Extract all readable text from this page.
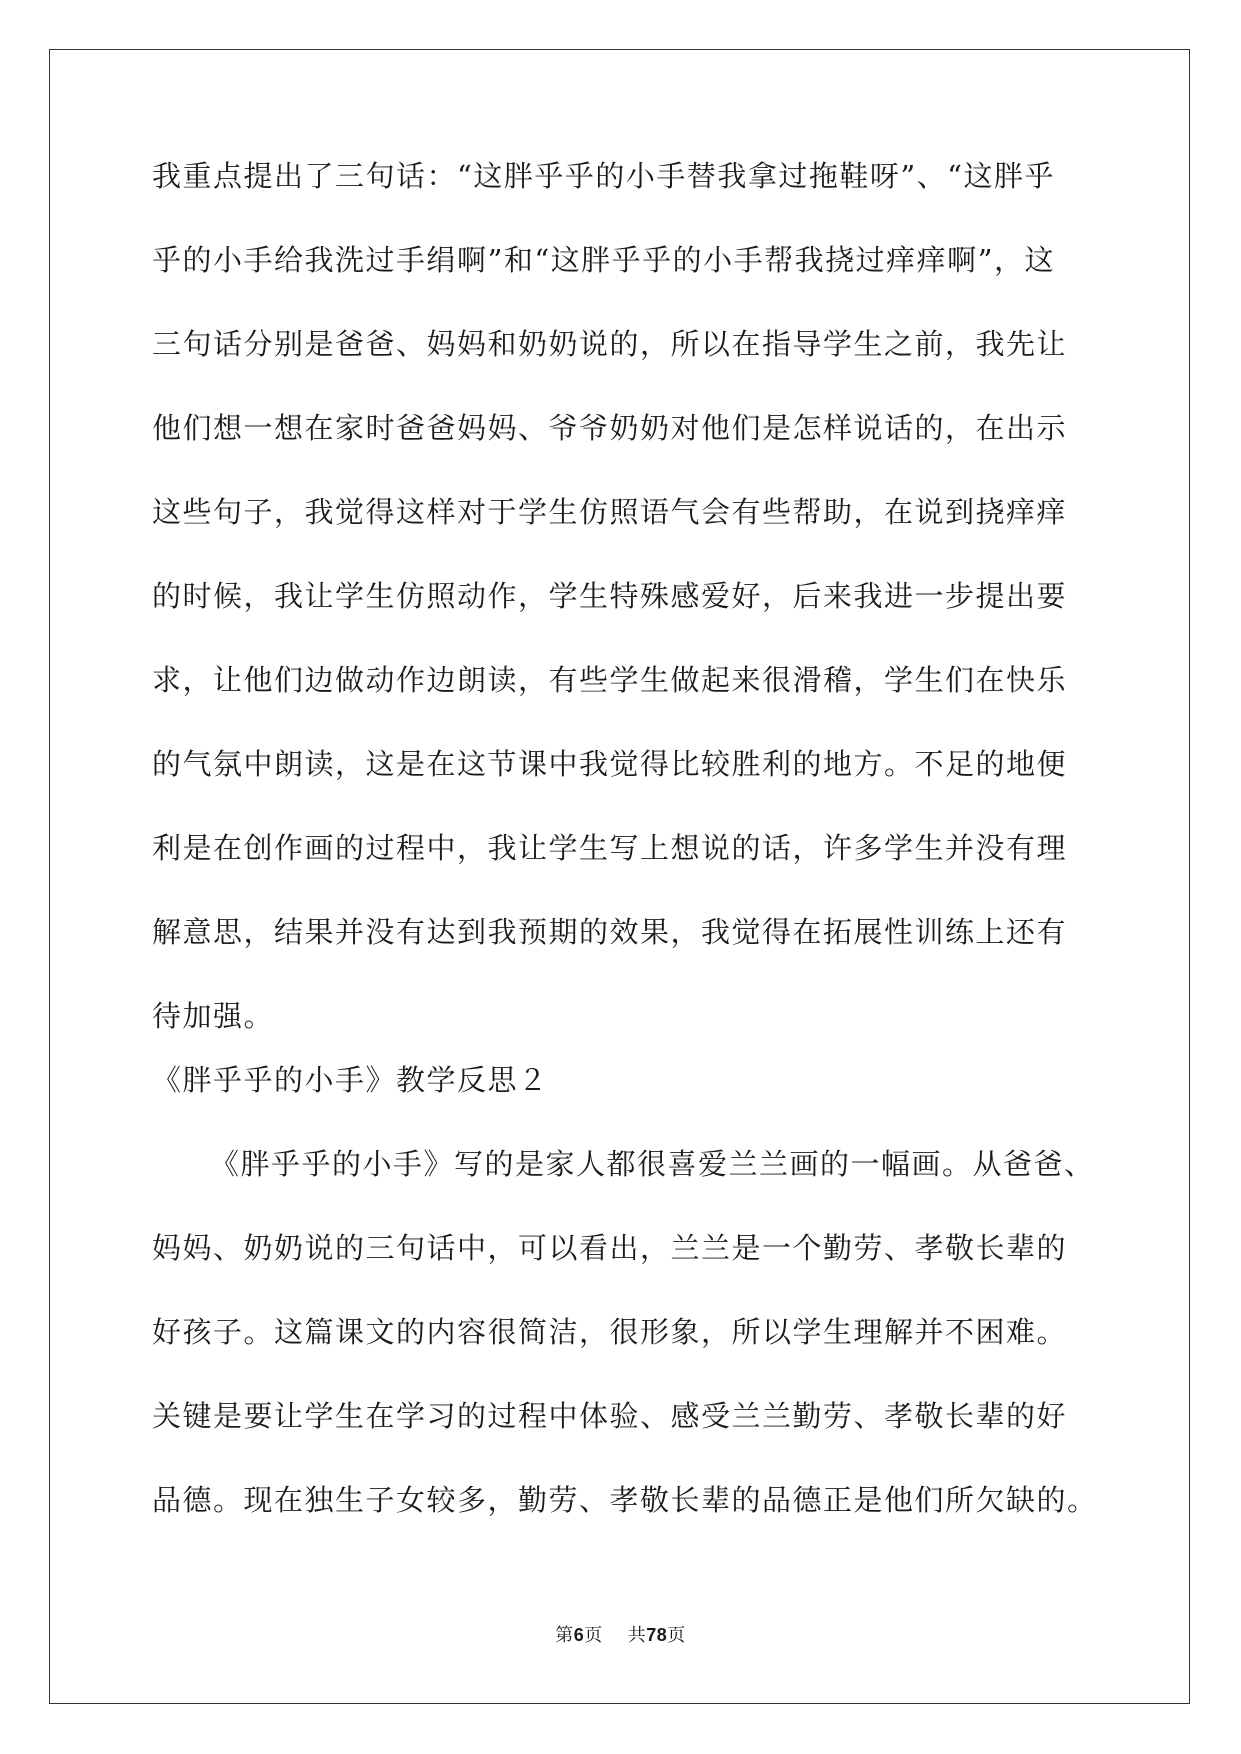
我重点提出了三句话：“这胖乎乎的小手替我拿过拖鞋呀”、“这胖乎

乎的小手给我洗过手绢啊”和“这胖乎乎的小手帮我挠过痒痒啊”，这

三句话分别是爸爸、妈妈和奶奶说的，所以在指导学生之前，我先让

他们想一想在家时爸爸妈妈、爷爷奶奶对他们是怎样说话的，在出示

这些句子，我觉得这样对于学生仿照语气会有些帮助，在说到挠痒痒

的时候，我让学生仿照动作，学生特殊感爱好，后来我进一步提出要

求，让他们边做动作边朗读，有些学生做起来很滑稽，学生们在快乐

的气氛中朗读，这是在这节课中我觉得比较胜利的地方。不足的地便

利是在创作画的过程中，我让学生写上想说的话，许多学生并没有理

解意思，结果并没有达到我预期的效果，我觉得在拓展性训练上还有

待加强。

《胖乎乎的小手》教学反思２

《胖乎乎的小手》写的是家人都很喜爱兰兰画的一幅画。从爸爸、

妈妈、奶奶说的三句话中，可以看出，兰兰是一个勤劳、孝敬长辈的

好孩子。这篇课文的内容很简洁，很形象，所以学生理解并不困难。

关键是要让学生在学习的过程中体验、感受兰兰勤劳、孝敬长辈的好

品德。现在独生子女较多，勤劳、孝敬长辈的品德正是他们所欠缺的。

第6页 共78页
